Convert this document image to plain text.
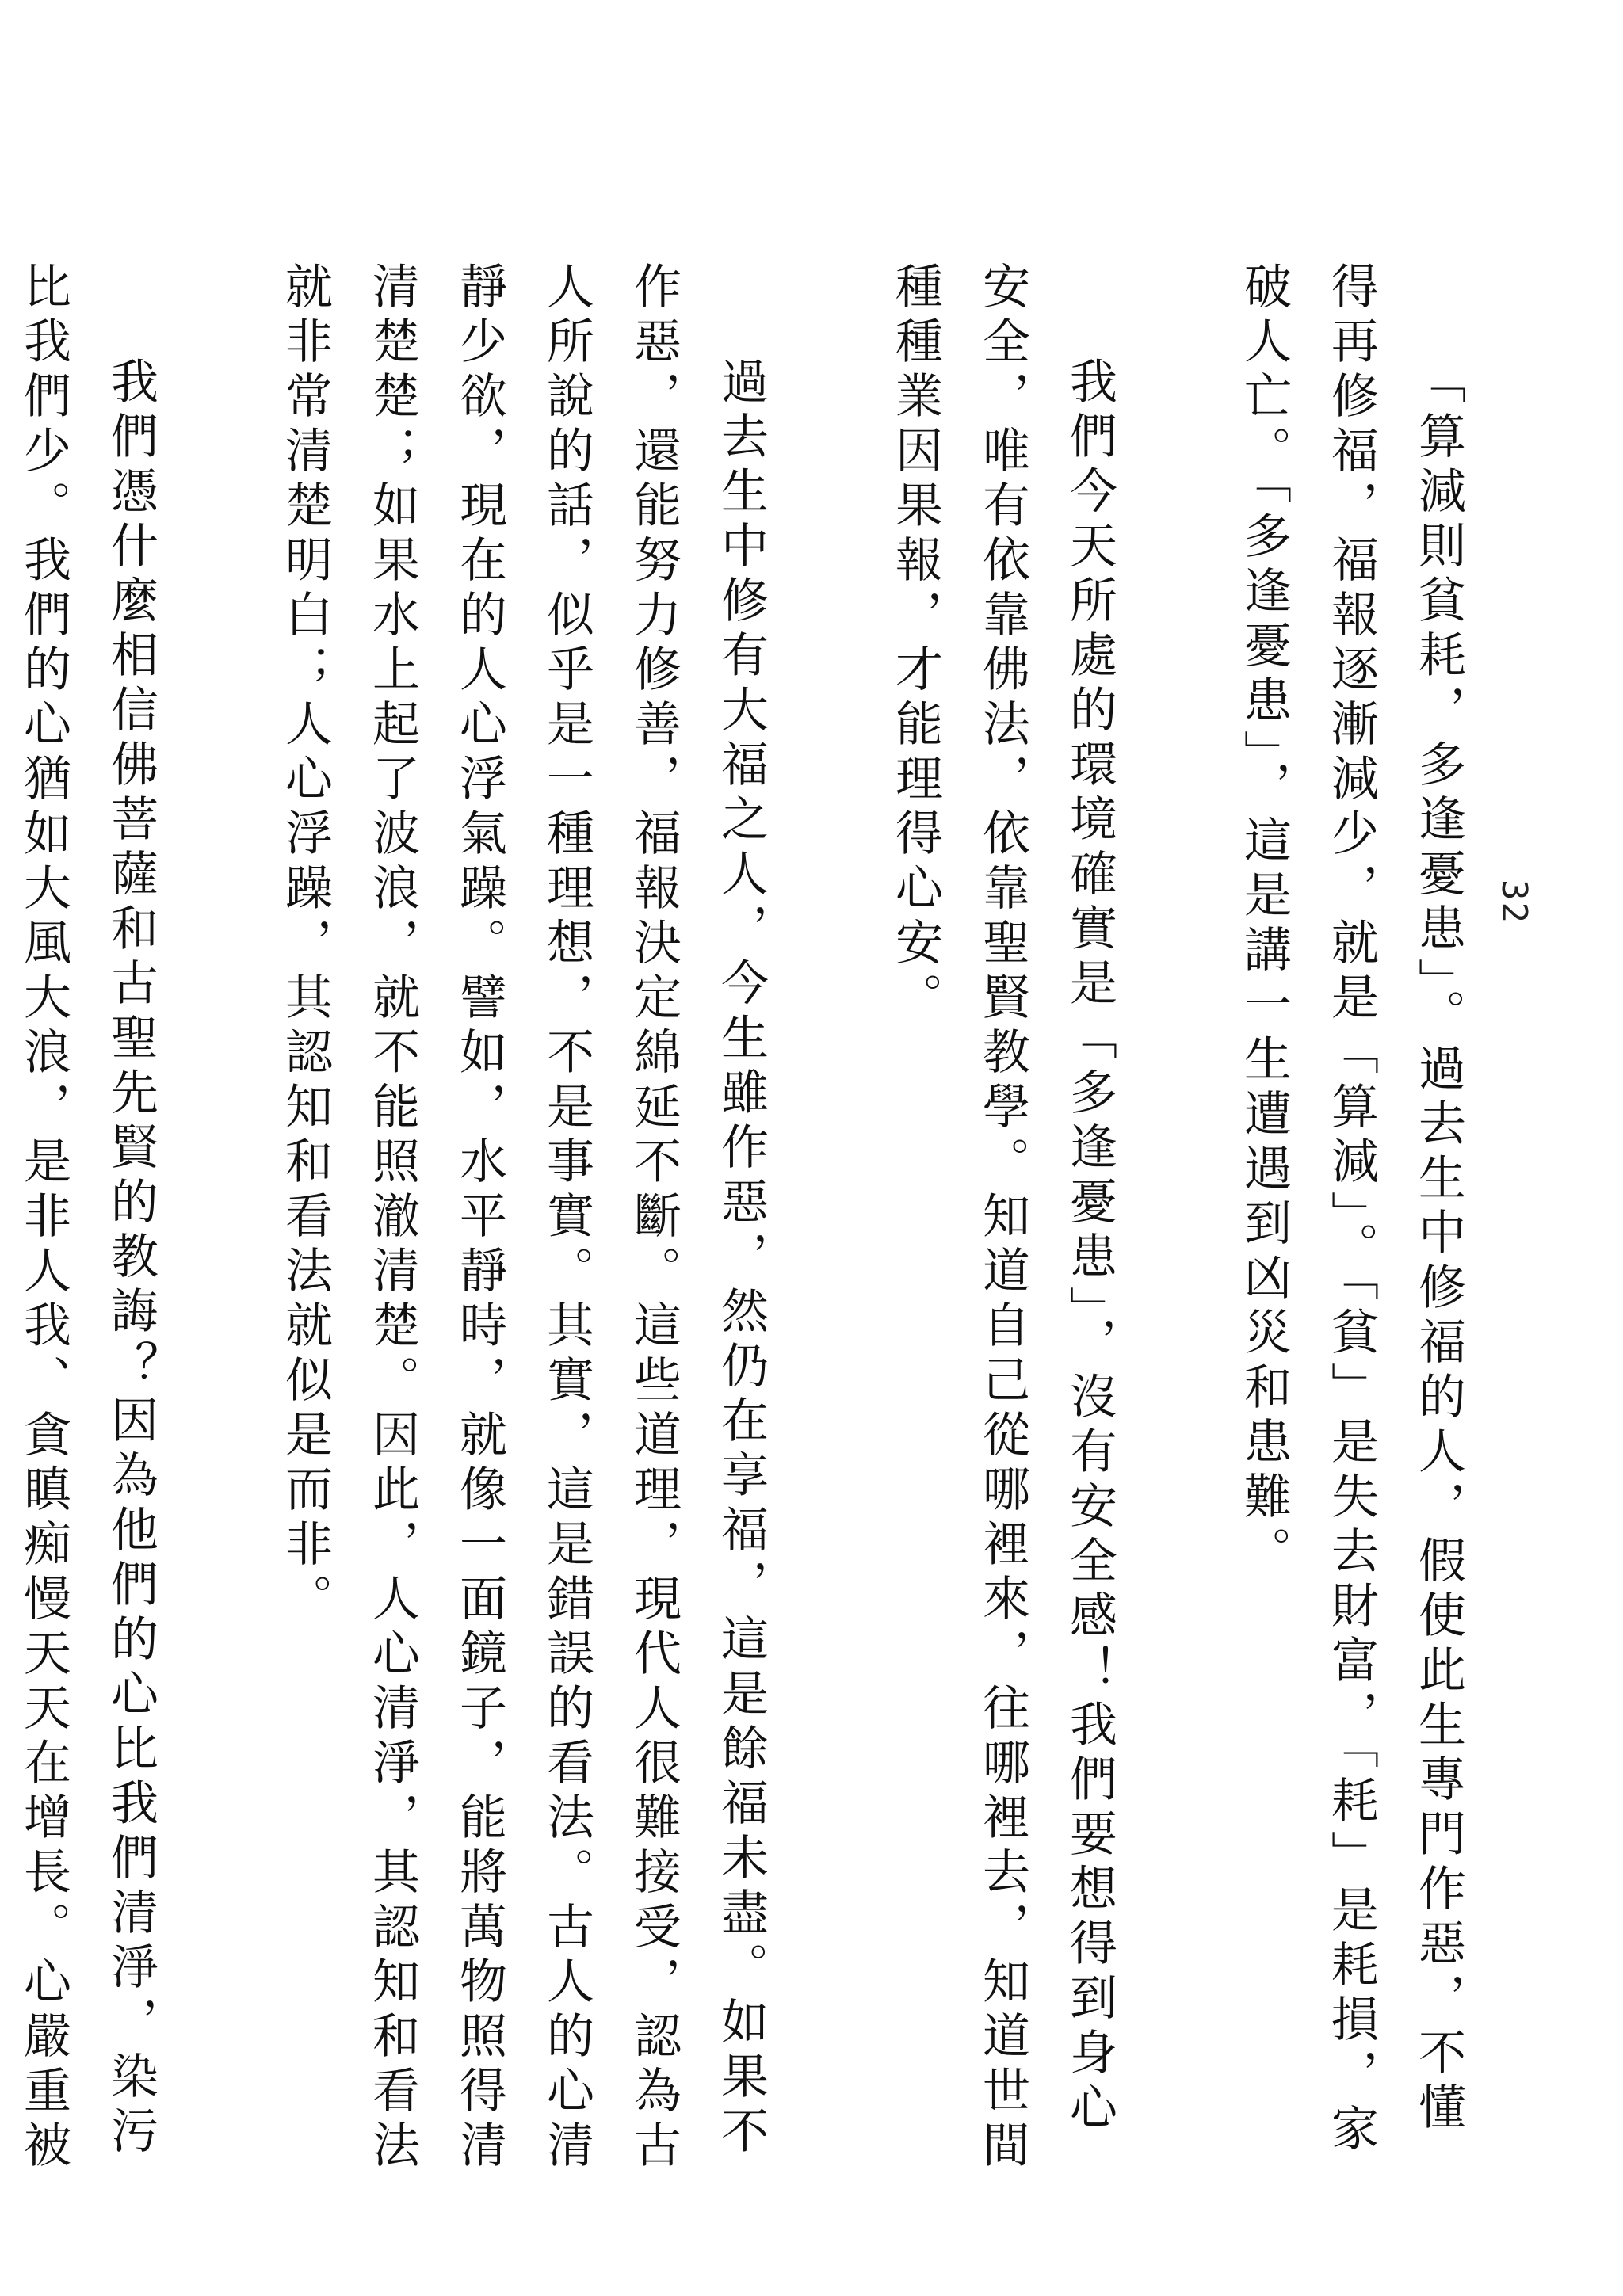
32

「算減則貧耗，多逢憂患」。過去生中修福的人，假使此生專門作惡，不懂得再修福，福報逐漸減少，就是「算減」。「貧」是失去財富，「耗」是耗損，家破人亡。「多逢憂患」，這是講一生遭遇到凶災和患難。

我們今天所處的環境確實是「多逢憂患」，沒有安全感！我們要想得到身心安全，唯有依靠佛法，依靠聖賢教學。知道自己從哪裡來，往哪裡去，知道世間種種業因果報，才能理得心安。

過去生中修有大福之人，今生雖作惡，然仍在享福，這是餘福未盡。如果不作惡，還能努力修善，福報決定綿延不斷。這些道理，現代人很難接受，認為古人所說的話，似乎是一種理想，不是事實。其實，這是錯誤的看法。古人的心清靜少欲，現在的人心浮氣躁。譬如，水平靜時，就像一面鏡子，能將萬物照得清清楚楚；如果水上起了波浪，就不能照澈清楚。因此，人心清淨，其認知和看法就非常清楚明白；人心浮躁，其認知和看法就似是而非。

我們憑什麼相信佛菩薩和古聖先賢的教誨？因為他們的心比我們清淨，染污比我們少。我們的心猶如大風大浪，是非人我、貪瞋痴慢天天在增長。心嚴重被
